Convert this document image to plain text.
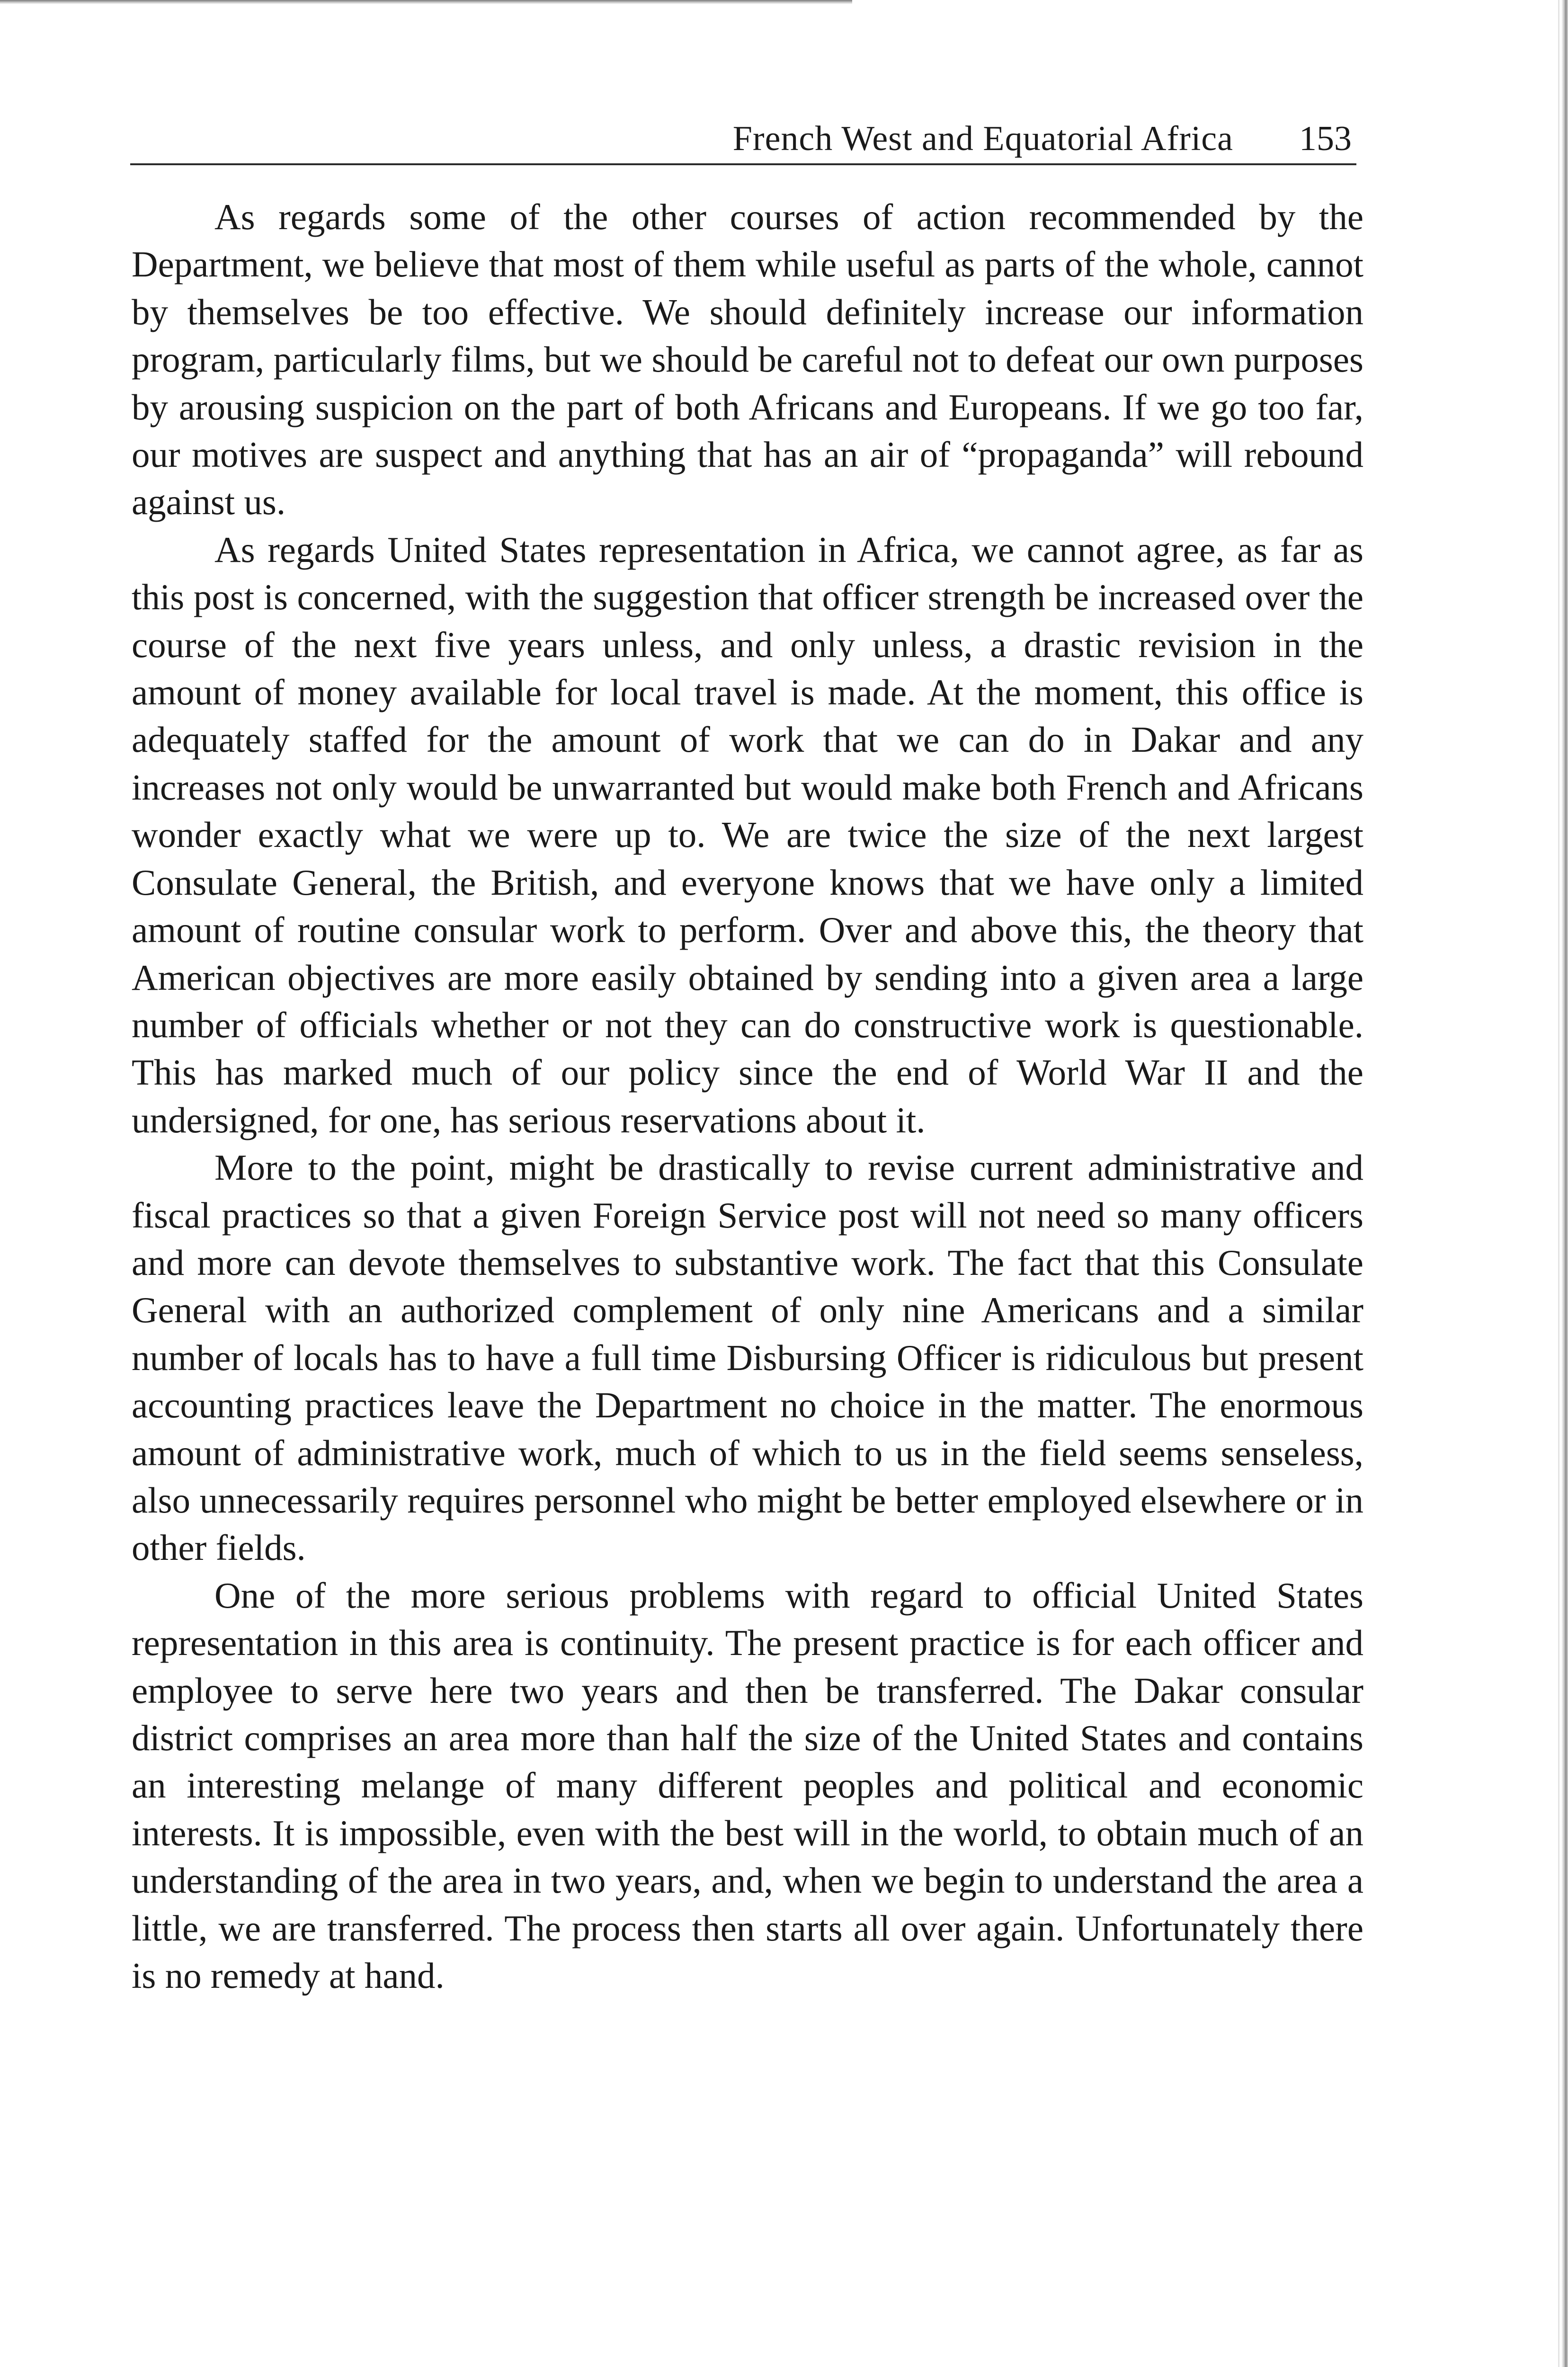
French West and Equatorial Africa 153

As regards some of the other courses of action recommended by the Department, we believe that most of them while useful as parts of the whole, cannot by themselves be too effective. We should definitely increase our information program, particularly films, but we should be careful not to defeat our own purposes by arousing suspicion on the part of both Africans and Europeans. If we go too far, our motives are suspect and anything that has an air of “propaganda” will rebound against us.

As regards United States representation in Africa, we cannot agree, as far as this post is concerned, with the suggestion that officer strength be increased over the course of the next five years unless, and only unless, a drastic revision in the amount of money available for local travel is made. At the moment, this office is adequately staffed for the amount of work that we can do in Dakar and any increases not only would be unwarranted but would make both French and Africans wonder exactly what we were up to. We are twice the size of the next largest Consulate General, the British, and everyone knows that we have only a limited amount of routine consular work to perform. Over and above this, the theory that American objectives are more easily obtained by sending into a given area a large number of officials whether or not they can do constructive work is questionable. This has marked much of our policy since the end of World War II and the undersigned, for one, has serious reservations about it.

More to the point, might be drastically to revise current administrative and fiscal practices so that a given Foreign Service post will not need so many officers and more can devote themselves to substantive work. The fact that this Consulate General with an authorized complement of only nine Americans and a similar number of locals has to have a full time Disbursing Officer is ridiculous but present accounting practices leave the Department no choice in the matter. The enormous amount of administrative work, much of which to us in the field seems senseless, also unnecessarily requires personnel who might be better employed elsewhere or in other fields.

One of the more serious problems with regard to official United States representation in this area is continuity. The present practice is for each officer and employee to serve here two years and then be transferred. The Dakar consular district comprises an area more than half the size of the United States and contains an interesting melange of many different peoples and political and economic interests. It is impossible, even with the best will in the world, to obtain much of an understanding of the area in two years, and, when we begin to understand the area a little, we are transferred. The process then starts all over again. Unfortunately there is no remedy at hand.
